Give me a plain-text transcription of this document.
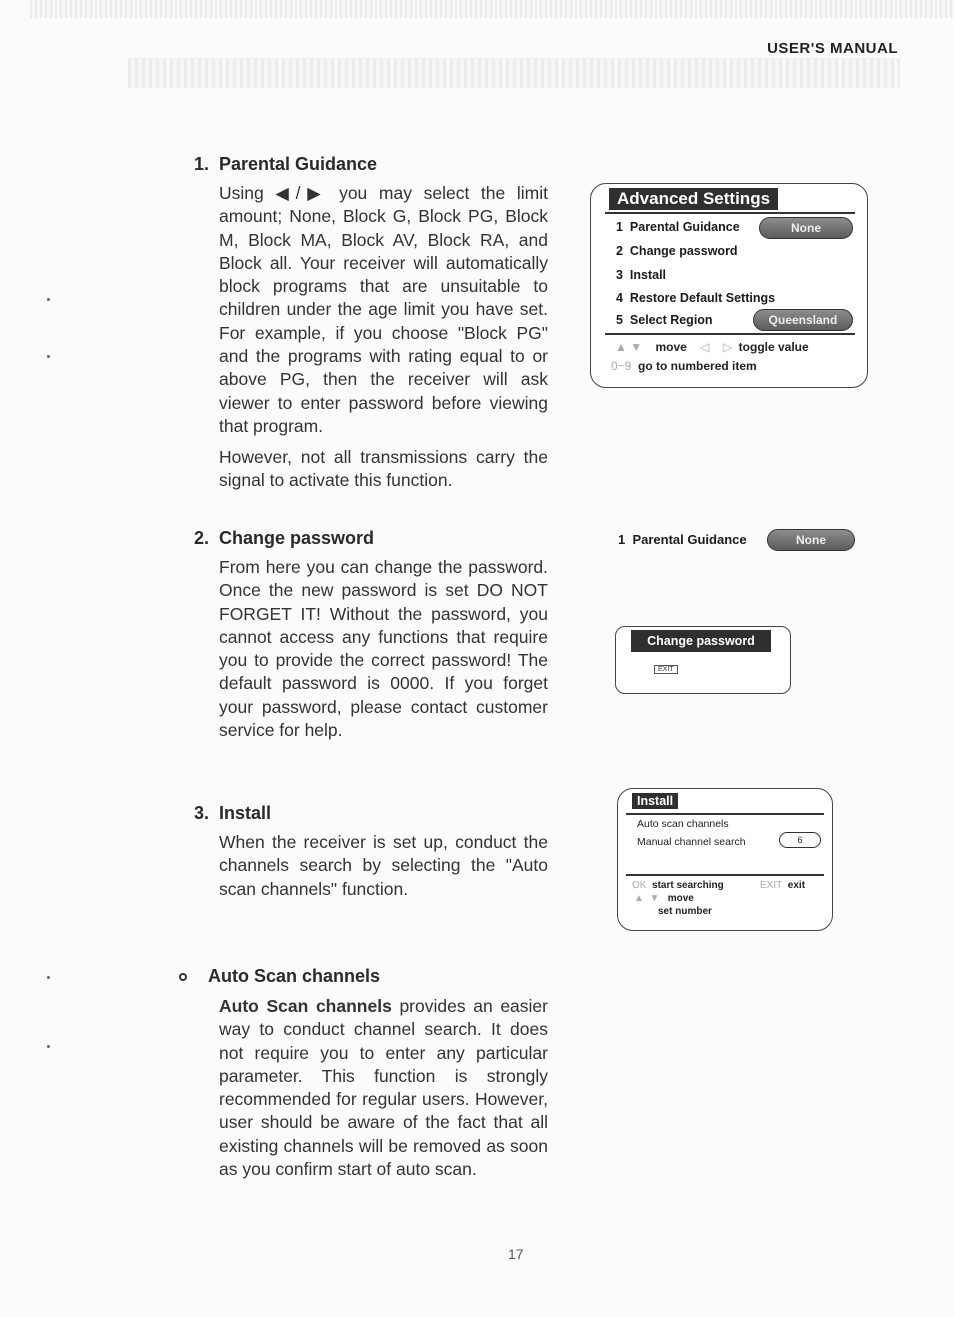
USER'S MANUAL
1. Parental Guidance
Using ◀/▶ you may select the limit amount; None, Block G, Block PG, Block M, Block MA, Block AV, Block RA, and Block all. Your receiver will automatically block programs that are unsuitable to children under the age limit you have set. For example, if you choose "Block PG" and the programs with rating equal to or above PG, then the receiver will ask viewer to enter password before viewing that program.
However, not all transmissions carry the signal to activate this function.
2. Change password
From here you can change the password. Once the new password is set DO NOT FORGET IT! Without the password, you cannot access any functions that require you to provide the correct password! The default password is 0000. If you forget your password, please contact customer service for help.
3. Install
When the receiver is set up, conduct the channels search by selecting the "Auto scan channels" function.
Auto Scan channels
Auto Scan channels provides an easier way to conduct channel search. It does not require you to enter any particular parameter. This function is strongly recommended for regular users. However, user should be aware of the fact that all existing channels will be removed as soon as you confirm start of auto scan.
Advanced Settings
1 Parental Guidance	None
2 Change password
3 Install
4 Restore Default Settings
5 Select Region	Queensland
▲ ▼ move ◁ ▷ toggle value
0~9 go to numbered item
1 Parental Guidance	None
Change password
EXIT
Install
Auto scan channels
Manual channel search	6
OK start searching	EXIT exit
▲ ▼ move
set number
17
